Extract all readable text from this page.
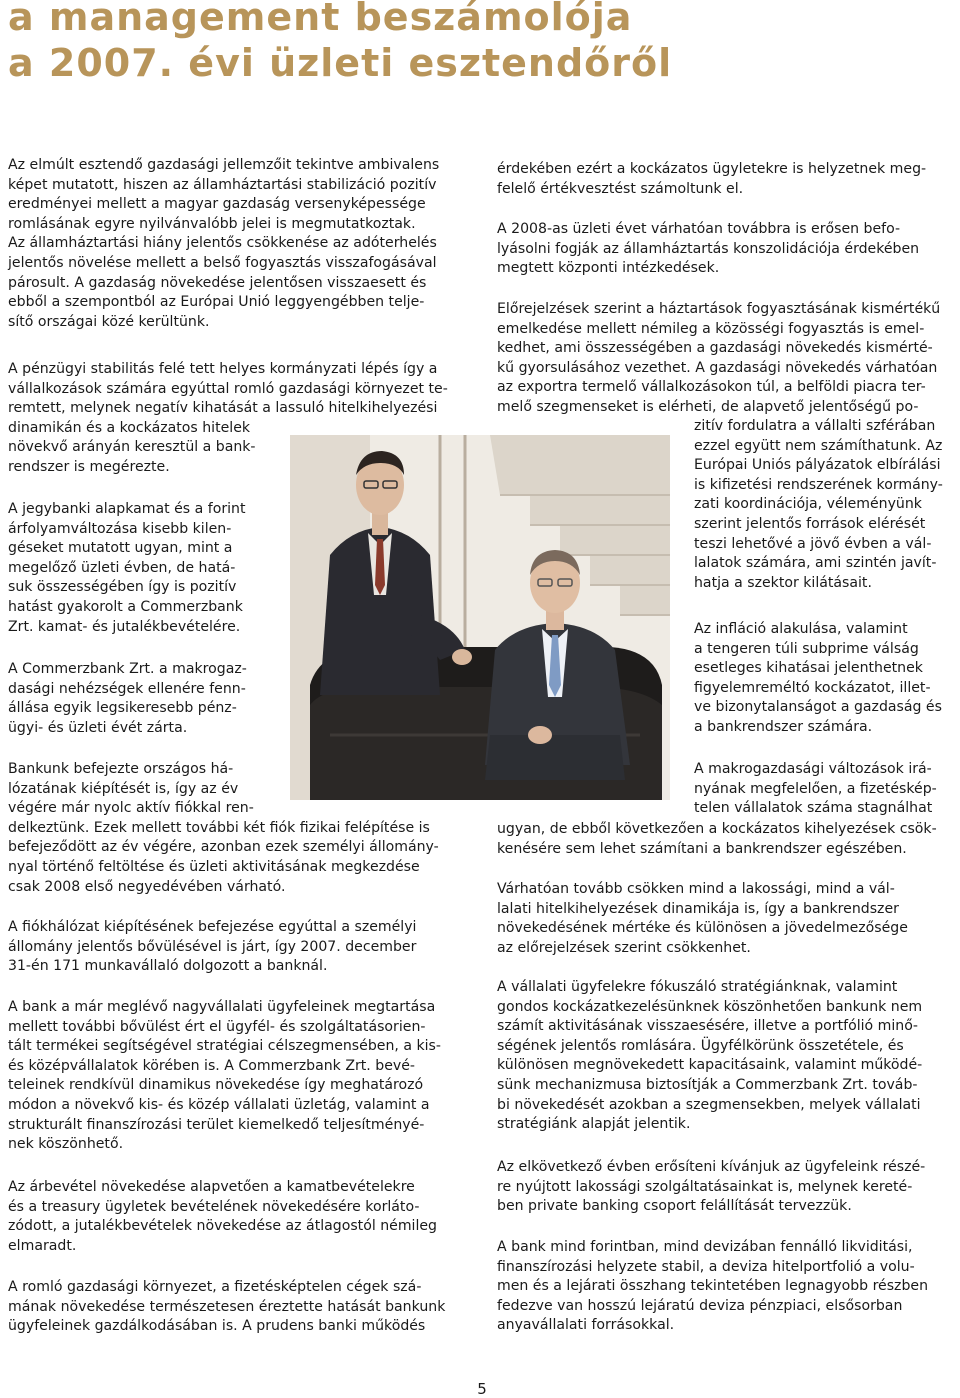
a management beszámolója
a 2007. évi üzleti esztendőről
Az elmúlt esztendő gazdasági jellemzőit tekintve ambivalens
képet mutatott, hiszen az államháztartási stabilizáció pozitív
eredményei mellett a magyar gazdaság versenyképessége
romlásának egyre nyilvánvalóbb jelei is megmutatkoztak.
Az államháztartási hiány jelentős csökkenése az adóterhelés
jelentős növelése mellett a belső fogyasztás visszafogásával
párosult. A gazdaság növekedése jelentősen visszaesett és
ebből a szempontból az Európai Unió leggyengébben telje-
sítő országai közé kerültünk.
A pénzügyi stabilitás felé tett helyes kormányzati lépés így a
vállalkozások számára egyúttal romló gazdasági környezet te-
remtett, melynek negatív kihatását a lassuló hitelkihelyezési
dinamikán és a kockázatos hitelek
növekvő arányán keresztül a bank-
rendszer is megérezte.
A jegybanki alapkamat és a forint
árfolyamváltozása kisebb kilen-
géseket mutatott ugyan, mint a
megelőző üzleti évben, de hatá-
suk összességében így is pozitív
hatást gyakorolt a Commerzbank
Zrt. kamat- és jutalékbevételére.
A Commerzbank Zrt. a makrogaz-
dasági nehézségek ellenére fenn-
állása egyik legsikeresebb pénz-
ügyi- és üzleti évét zárta.
Bankunk befejezte országos há-
lózatának kiépítését is, így az év
végére már nyolc aktív fiókkal ren-
delkeztünk. Ezek mellett további két fiók fizikai felépítése is
befejeződött az év végére, azonban ezek személyi állomány-
nyal történő feltöltése és üzleti aktivitásának megkezdése
csak 2008 első negyedévében várható.
A fiókhálózat kiépítésének befejezése egyúttal a személyi
állomány jelentős bővülésével is járt, így 2007. december
31-én 171 munkavállaló dolgozott a banknál.
A bank a már meglévő nagyvállalati ügyfeleinek megtartása
mellett további bővülést ért el ügyfél- és szolgáltatásorien-
tált termékei segítségével stratégiai célszegmensében, a kis-
és középvállalatok körében is. A Commerzbank Zrt. bevé-
teleinek rendkívül dinamikus növekedése így meghatározó
módon a növekvő kis- és közép vállalati üzletág, valamint a
strukturált finanszírozási terület kiemelkedő teljesítményé-
nek köszönhető.
Az árbevétel növekedése alapvetően a kamatbevételekre
és a treasury ügyletek bevételének növekedésére korláto-
zódott, a jutalékbevételek növekedése az átlagostól némileg
elmaradt.
A romló gazdasági környezet, a fizetésképtelen cégek szá-
mának növekedése természetesen éreztette hatását bankunk
ügyfeleinek gazdálkodásában is. A prudens banki működés
érdekében ezért a kockázatos ügyletekre is helyzetnek meg-
felelő értékvesztést számoltunk el.
A 2008-as üzleti évet várhatóan továbbra is erősen befo-
lyásolni fogják az államháztartás konszolidációja érdekében
megtett központi intézkedések.
Előrejelzések szerint a háztartások fogyasztásának kismértékű
emelkedése mellett némileg a közösségi fogyasztás is emel-
kedhet, ami összességében a gazdasági növekedés kismérté-
kű gyorsulásához vezethet. A gazdasági növekedés várhatóan
az exportra termelő vállalkozásokon túl, a belföldi piacra ter-
melő szegmenseket is elérheti, de alapvető jelentőségű po-
zitív fordulatra a vállalti szférában
ezzel együtt nem számíthatunk. Az
Európai Uniós pályázatok elbírálási
is kifizetési rendszerének kormány-
zati koordinációja, véleményünk
szerint jelentős források elérését
teszi lehetővé a jövő évben a vál-
lalatok számára, ami szintén javít-
hatja a szektor kilátásait.
Az infláció alakulása, valamint
a tengeren túli subprime válság
esetleges kihatásai jelenthetnek
figyelemreméltó kockázatot, illet-
ve bizonytalanságot a gazdaság és
a bankrendszer számára.
A makrogazdasági változások irá-
nyának megfelelően, a fizetéskép-
telen vállalatok száma stagnálhat
ugyan, de ebből következően a kockázatos kihelyezések csök-
kenésére sem lehet számítani a bankrendszer egészében.
Várhatóan tovább csökken mind a lakossági, mind a vál-
lalati hitelkihelyezések dinamikája is, így a bankrendszer
növekedésének mértéke és különösen a jövedelmezősége
az előrejelzések szerint csökkenhet.
A vállalati ügyfelekre fókuszáló stratégiánknak, valamint
gondos kockázatkezelésünknek köszönhetően bankunk nem
számít aktivitásának visszaesésére, illetve a portfólió minő-
ségének jelentős romlására. Ügyfélkörünk összetétele, és
különösen megnövekedett kapacitásaink, valamint működé-
sünk mechanizmusa biztosítják a Commerzbank Zrt. továb-
bi növekedését azokban a szegmensekben, melyek vállalati
stratégiánk alapját jelentik.
Az elkövetkező évben erősíteni kívánjuk az ügyfeleink részé-
re nyújtott lakossági szolgáltatásainkat is, melynek kereté-
ben private banking csoport felállítását tervezzük.
A bank mind forintban, mind devizában fennálló likviditási,
finanszírozási helyzete stabil, a deviza hitelportfolió a volu-
men és a lejárati összhang tekintetében legnagyobb részben
fedezve van hosszú lejáratú deviza pénzpiaci, elsősorban
anyavállalati forrásokkal.
5
